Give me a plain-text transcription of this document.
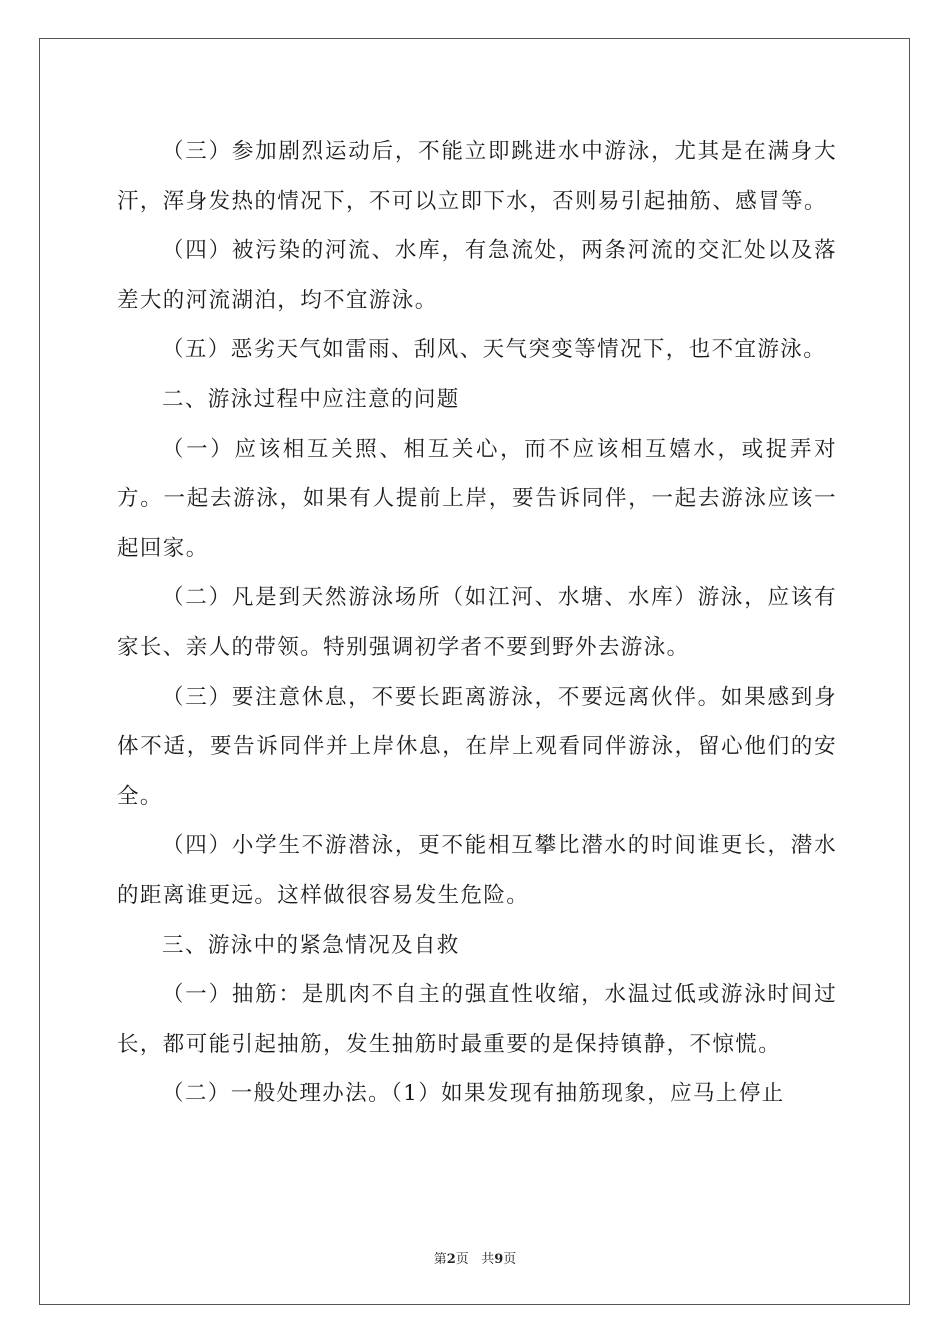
（三）参加剧烈运动后，不能立即跳进水中游泳，尤其是在满身大汗，浑身发热的情况下，不可以立即下水，否则易引起抽筋、感冒等。

（四）被污染的河流、水库，有急流处，两条河流的交汇处以及落差大的河流湖泊，均不宜游泳。

（五）恶劣天气如雷雨、刮风、天气突变等情况下，也不宜游泳。

二、游泳过程中应注意的问题

（一）应该相互关照、相互关心，而不应该相互嬉水，或捉弄对方。一起去游泳，如果有人提前上岸，要告诉同伴，一起去游泳应该一起回家。

（二）凡是到天然游泳场所（如江河、水塘、水库）游泳，应该有家长、亲人的带领。特别强调初学者不要到野外去游泳。

（三）要注意休息，不要长距离游泳，不要远离伙伴。如果感到身体不适，要告诉同伴并上岸休息，在岸上观看同伴游泳，留心他们的安全。

（四）小学生不游潜泳，更不能相互攀比潜水的时间谁更长，潜水的距离谁更远。这样做很容易发生危险。

三、游泳中的紧急情况及自救

（一）抽筋：是肌肉不自主的强直性收缩，水温过低或游泳时间过长，都可能引起抽筋，发生抽筋时最重要的是保持镇静，不惊慌。

（二）一般处理办法。（1）如果发现有抽筋现象，应马上停止

第2页 共9页
